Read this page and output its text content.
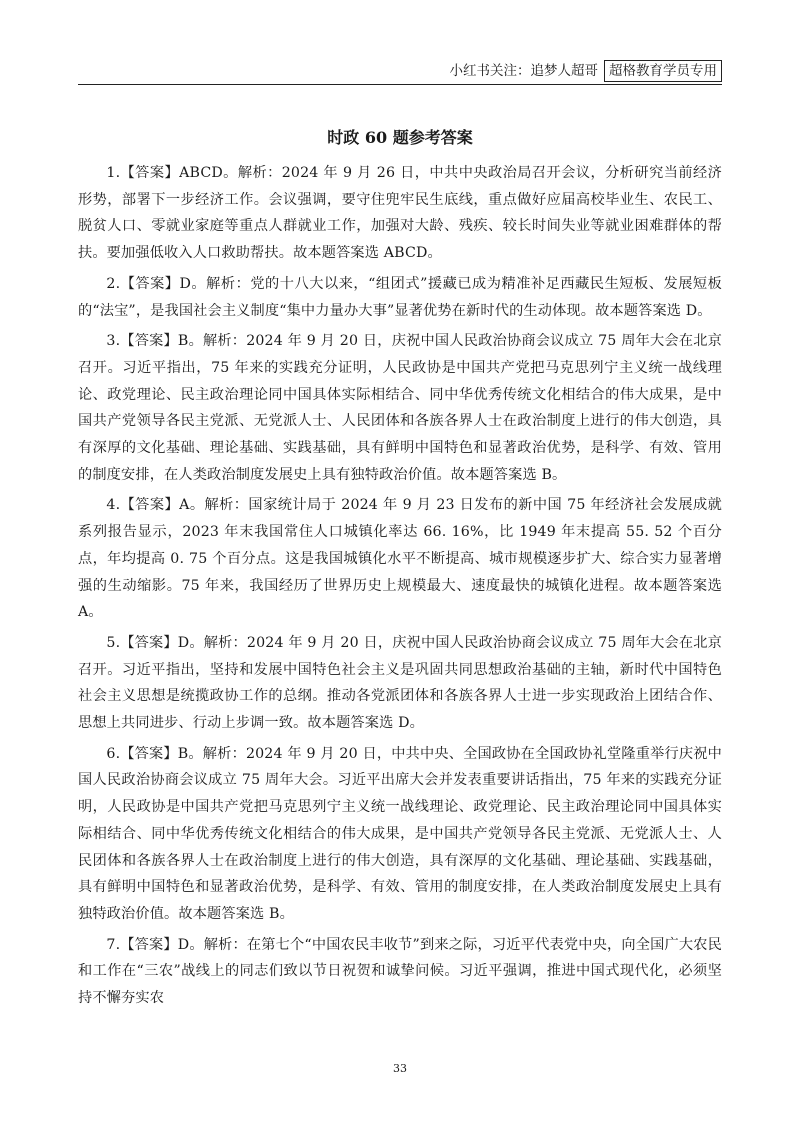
小红书关注：追梦人超哥 超格教育学员专用
时政 60 题参考答案

1.【答案】ABCD。解析：2024 年 9 月 26 日，中共中央政治局召开会议，分析研究当前经济形势，部署下一步经济工作。会议强调，要守住兜牢民生底线，重点做好应届高校毕业生、农民工、脱贫人口、零就业家庭等重点人群就业工作，加强对大龄、残疾、较长时间失业等就业困难群体的帮扶。要加强低收入人口救助帮扶。故本题答案选 ABCD。

2.【答案】D。解析：党的十八大以来，“组团式”援藏已成为精准补足西藏民生短板、发展短板的“法宝”，是我国社会主义制度“集中力量办大事”显著优势在新时代的生动体现。故本题答案选 D。

3.【答案】B。解析：2024 年 9 月 20 日，庆祝中国人民政治协商会议成立 75 周年大会在北京召开。习近平指出，75 年来的实践充分证明，人民政协是中国共产党把马克思列宁主义统一战线理论、政党理论、民主政治理论同中国具体实际相结合、同中华优秀传统文化相结合的伟大成果，是中国共产党领导各民主党派、无党派人士、人民团体和各族各界人士在政治制度上进行的伟大创造，具有深厚的文化基础、理论基础、实践基础，具有鲜明中国特色和显著政治优势，是科学、有效、管用的制度安排，在人类政治制度发展史上具有独特政治价值。故本题答案选 B。

4.【答案】A。解析：国家统计局于 2024 年 9 月 23 日发布的新中国 75 年经济社会发展成就系列报告显示，2023 年末我国常住人口城镇化率达 66. 16%，比 1949 年末提高 55. 52 个百分点，年均提高 0. 75 个百分点。这是我国城镇化水平不断提高、城市规模逐步扩大、综合实力显著增强的生动缩影。75 年来，我国经历了世界历史上规模最大、速度最快的城镇化进程。故本题答案选 A。

5.【答案】D。解析：2024 年 9 月 20 日，庆祝中国人民政治协商会议成立 75 周年大会在北京召开。习近平指出，坚持和发展中国特色社会主义是巩固共同思想政治基础的主轴，新时代中国特色社会主义思想是统揽政协工作的总纲。推动各党派团体和各族各界人士进一步实现政治上团结合作、思想上共同进步、行动上步调一致。故本题答案选 D。

6.【答案】B。解析：2024 年 9 月 20 日，中共中央、全国政协在全国政协礼堂隆重举行庆祝中国人民政治协商会议成立 75 周年大会。习近平出席大会并发表重要讲话指出，75 年来的实践充分证明，人民政协是中国共产党把马克思列宁主义统一战线理论、政党理论、民主政治理论同中国具体实际相结合、同中华优秀传统文化相结合的伟大成果，是中国共产党领导各民主党派、无党派人士、人民团体和各族各界人士在政治制度上进行的伟大创造，具有深厚的文化基础、理论基础、实践基础，具有鲜明中国特色和显著政治优势，是科学、有效、管用的制度安排，在人类政治制度发展史上具有独特政治价值。故本题答案选 B。

7.【答案】D。解析：在第七个“中国农民丰收节”到来之际，习近平代表党中央，向全国广大农民和工作在“三农”战线上的同志们致以节日祝贺和诚挚问候。习近平强调，推进中国式现代化，必须坚持不懈夯实农

33
